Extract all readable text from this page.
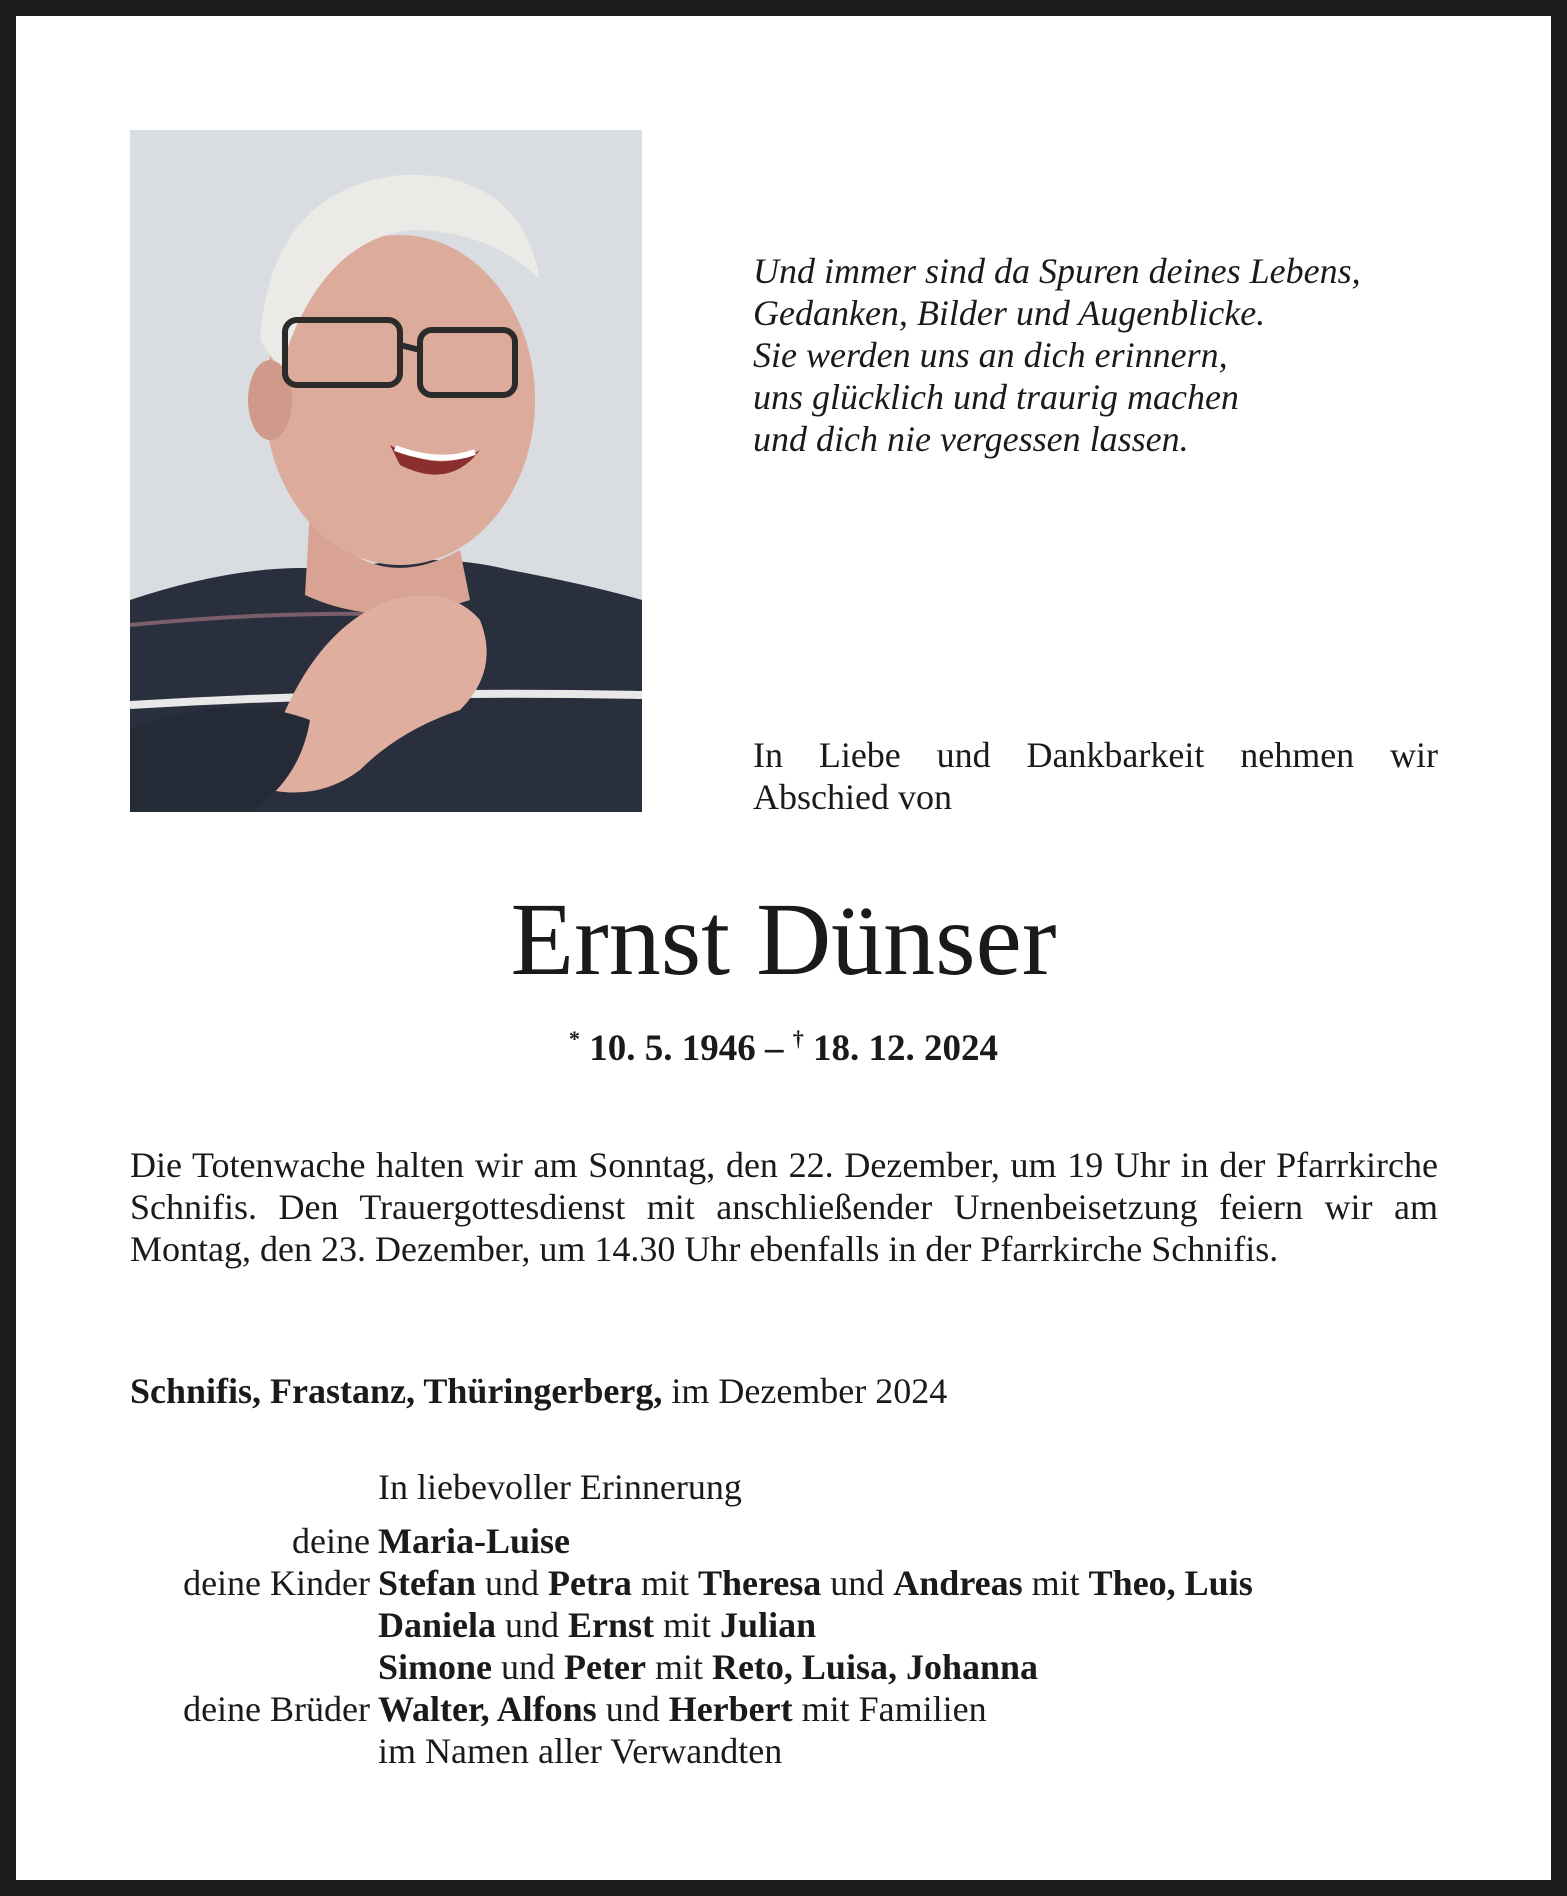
Und immer sind da Spuren deines Lebens,
Gedanken, Bilder und Augenblicke.
Sie werden uns an dich erinnern,
uns glücklich und traurig machen
und dich nie vergessen lassen.
In Liebe und Dankbarkeit nehmen wir Abschied von
Ernst Dünser
* 10. 5. 1946 – † 18. 12. 2024
Die Totenwache halten wir am Sonntag, den 22. Dezember, um 19 Uhr in der Pfarrkirche Schnifis. Den Trauergottesdienst mit anschließender Urnenbeisetzung feiern wir am Montag, den 23. Dezember, um 14.30 Uhr ebenfalls in der Pfarrkirche Schnifis.
Schnifis, Frastanz, Thüringerberg, im Dezember 2024
In liebevoller Erinnerung
deine Maria-Luise
deine Kinder Stefan und Petra mit Theresa und Andreas mit Theo, Luis
Daniela und Ernst mit Julian
Simone und Peter mit Reto, Luisa, Johanna
deine Brüder Walter, Alfons und Herbert mit Familien
im Namen aller Verwandten
